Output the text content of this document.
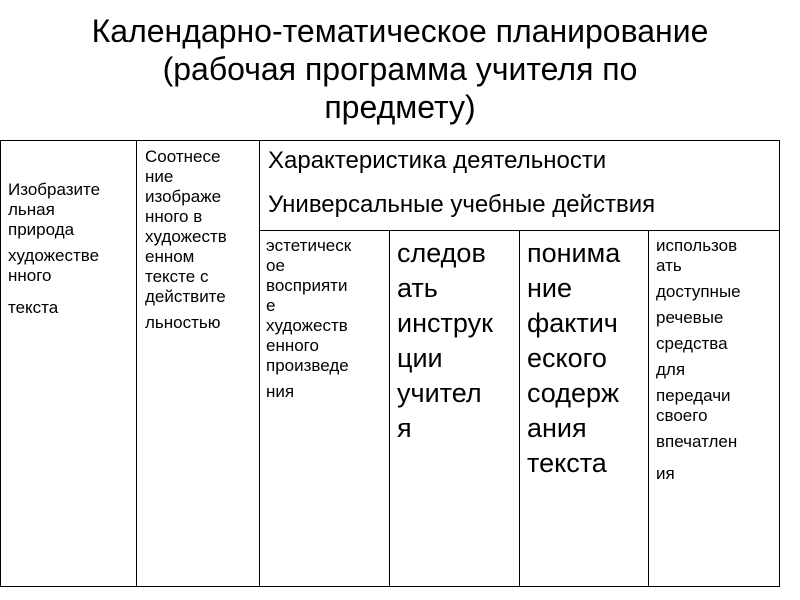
Календарно-тематическое планирование
(рабочая программа учителя по
предмету)

Изобразите

льная

природа

художестве

нного

текста

Соотнесе

ние

изображе

нного в

художеств

енном

тексте с

действите

льностью

Характеристика деятельности
Универсальные учебные действия

эстетическ

ое

восприяти

е

художеств

енного

произведе

ния

следов

ать

инструк

ции

учител

я

понима

ние

фактич

еского

содерж

ания

текста

использов

ать

доступные

речевые

средства

для

передачи

своего

впечатлен

ия
